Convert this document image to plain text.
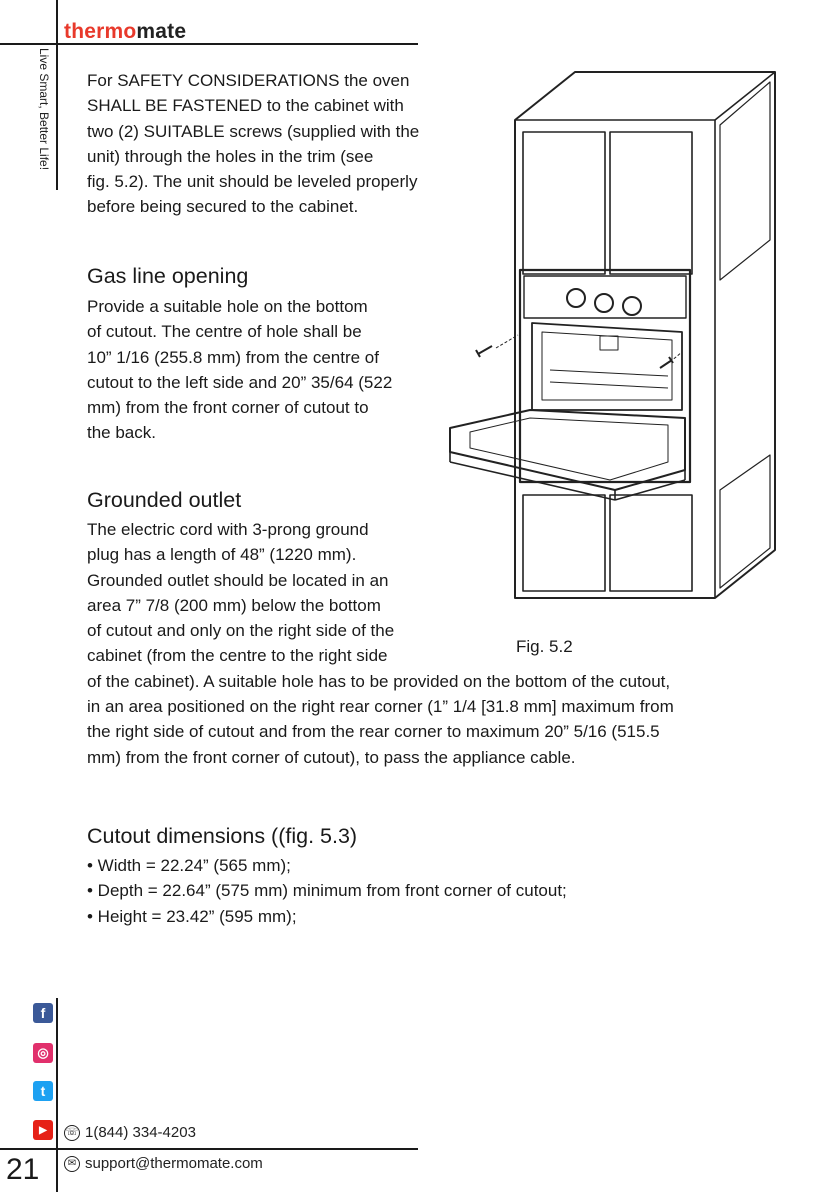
thermomate
Live Smart, Better Life! For SAFETY CONSIDERATIONS the oven
SHALL BE FASTENED to the cabinet with
two (2) SUITABLE screws (supplied with the
unit) through the holes in the trim (see
fig. 5.2). The unit should be leveled properly
before being secured to the cabinet.
Gas line opening
Provide a suitable hole on the bottom
of cutout. The centre of hole shall be
10” 1/16 (255.8 mm) from the centre of
cutout to the left side and 20” 35/64 (522
mm) from the front corner of cutout to
the back.
Grounded outlet
The electric cord with 3-prong ground
plug has a length of 48” (1220 mm).
Grounded outlet should be located in an
area 7” 7/8 (200 mm) below the bottom
of cutout and only on the right side of the
cabinet (from the centre to the right side
of the cabinet). A suitable hole has to be provided on the bottom of the cutout,
in an area positioned on the right rear corner (1” 1/4 [31.8 mm] maximum from
the right side of cutout and from the rear corner to maximum 20” 5/16 (515.5
mm) from the front corner of cutout), to pass the appliance cable.
Cutout dimensions ((fig. 5.3)
• Width = 22.24” (565 mm);
• Depth = 22.64” (575 mm) minimum from front corner of cutout;
• Height = 23.42” (595 mm);
Fig. 5.2
21
f
◎
t
▶	☏ 1(844) 334-4203
✉ support@thermomate.com
